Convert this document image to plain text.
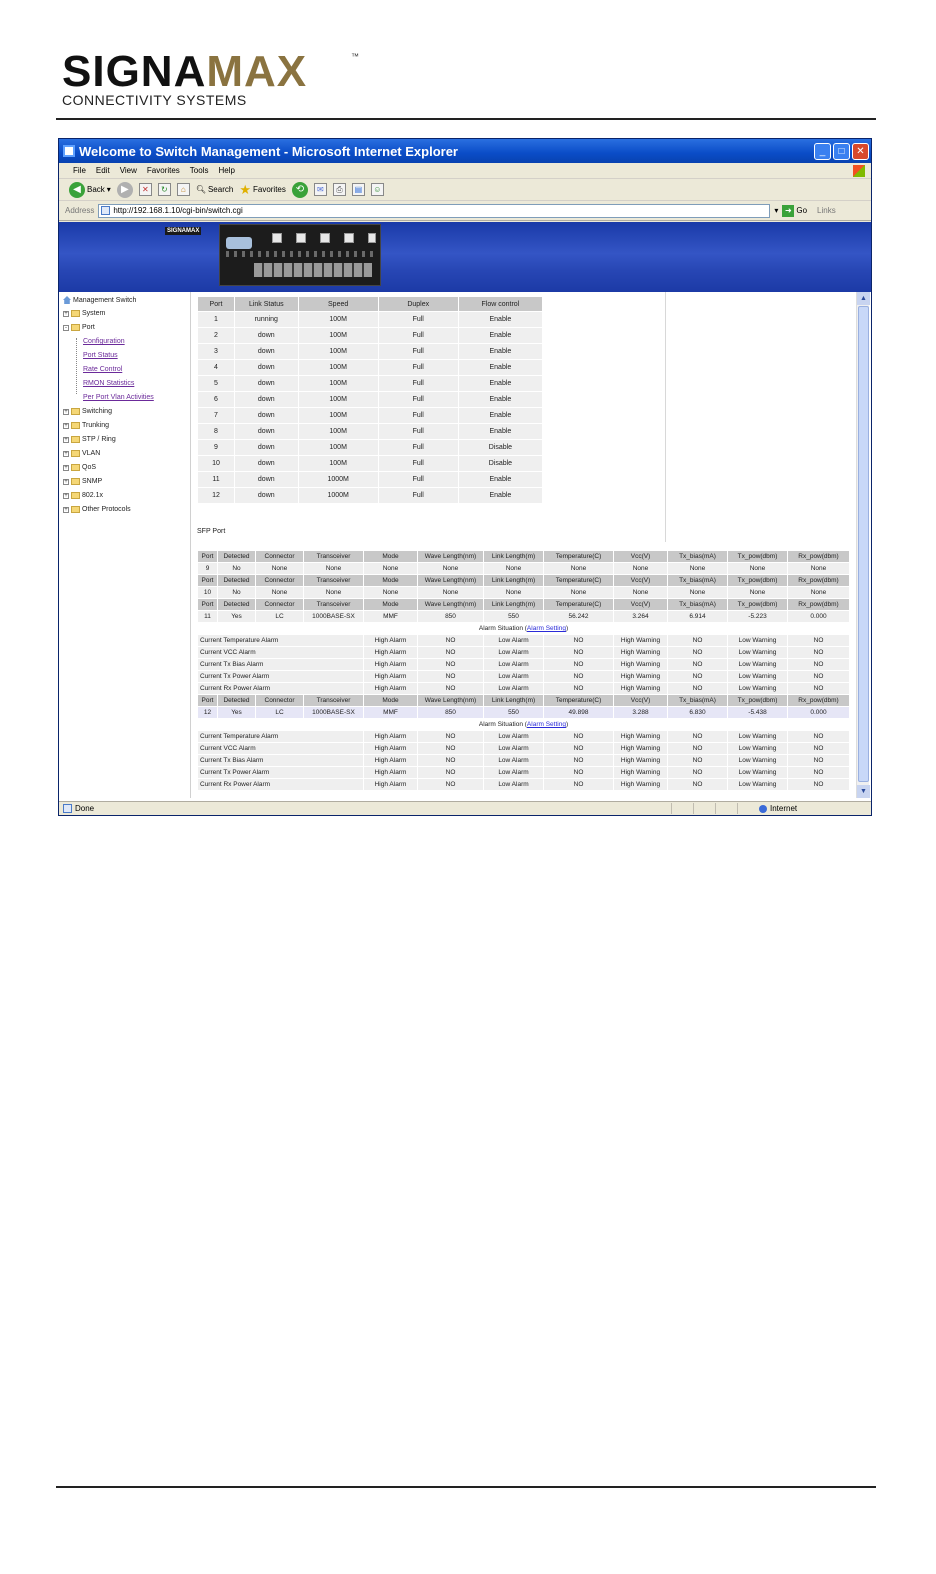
SIGNAMAX	™
CONNECTIVITY SYSTEMS
Welcome to Switch Management - Microsoft Internet Explorer	_	□	✕
File Edit View Favorites Tools Help
◀ Back ▾	▶	✕	↻	⌂	🔍︎ Search ★ Favorites ⟲	✉	⎙	▤	☺
Address	http://192.168.1.10/cgi-bin/switch.cgi	▾ ➜ Go Links
SIGNAMAX
Management Switch
+ System
- Port
Configuration
Port Status
Rate Control
RMON Statistics
Per Port Vlan Activities
+ Switching
+ Trunking
+ STP / Ring
+ VLAN
+ QoS
+ SNMP
+ 802.1x
+ Other Protocols
Port	Link Status	Speed	Duplex	Flow control
1	running	100M	Full	Enable
2	down	100M	Full	Enable
3	down	100M	Full	Enable
4	down	100M	Full	Enable
5	down	100M	Full	Enable
6	down	100M	Full	Enable
7	down	100M	Full	Enable
8	down	100M	Full	Enable
9	down	100M	Full	Disable
10	down	100M	Full	Disable
11	down	1000M	Full	Enable
12	down	1000M	Full	Enable
SFP Port
Port	Detected	Connector	Transceiver	Mode	Wave Length(nm)	Link Length(m)	Temperature(C)	Vcc(V)	Tx_bias(mA)	Tx_pow(dbm)	Rx_pow(dbm)
9	No	None	None	None	None	None	None	None	None	None	None
Port	Detected	Connector	Transceiver	Mode	Wave Length(nm)	Link Length(m)	Temperature(C)	Vcc(V)	Tx_bias(mA)	Tx_pow(dbm)	Rx_pow(dbm)
10	No	None	None	None	None	None	None	None	None	None	None
Port	Detected	Connector	Transceiver	Mode	Wave Length(nm)	Link Length(m)	Temperature(C)	Vcc(V)	Tx_bias(mA)	Tx_pow(dbm)	Rx_pow(dbm)
11	Yes	LC	1000BASE-SX	MMF	850	550	56.242	3.264	6.914	-5.223	0.000
Alarm Situation (Alarm Setting)											
Current Temperature Alarm				High Alarm	NO	Low Alarm	NO	High Warning	NO	Low Warning	NO
Current VCC Alarm				High Alarm	NO	Low Alarm	NO	High Warning	NO	Low Warning	NO
Current Tx Bias Alarm				High Alarm	NO	Low Alarm	NO	High Warning	NO	Low Warning	NO
Current Tx Power Alarm				High Alarm	NO	Low Alarm	NO	High Warning	NO	Low Warning	NO
Current Rx Power Alarm				High Alarm	NO	Low Alarm	NO	High Warning	NO	Low Warning	NO
Port	Detected	Connector	Transceiver	Mode	Wave Length(nm)	Link Length(m)	Temperature(C)	Vcc(V)	Tx_bias(mA)	Tx_pow(dbm)	Rx_pow(dbm)
12	Yes	LC	1000BASE-SX	MMF	850	550	49.898	3.288	6.830	-5.438	0.000
Alarm Situation (Alarm Setting)											
Current Temperature Alarm				High Alarm	NO	Low Alarm	NO	High Warning	NO	Low Warning	NO
Current VCC Alarm				High Alarm	NO	Low Alarm	NO	High Warning	NO	Low Warning	NO
Current Tx Bias Alarm				High Alarm	NO	Low Alarm	NO	High Warning	NO	Low Warning	NO
Current Tx Power Alarm				High Alarm	NO	Low Alarm	NO	High Warning	NO	Low Warning	NO
Current Rx Power Alarm				High Alarm	NO	Low Alarm	NO	High Warning	NO	Low Warning	NO
▲
▼
Done	Internet
